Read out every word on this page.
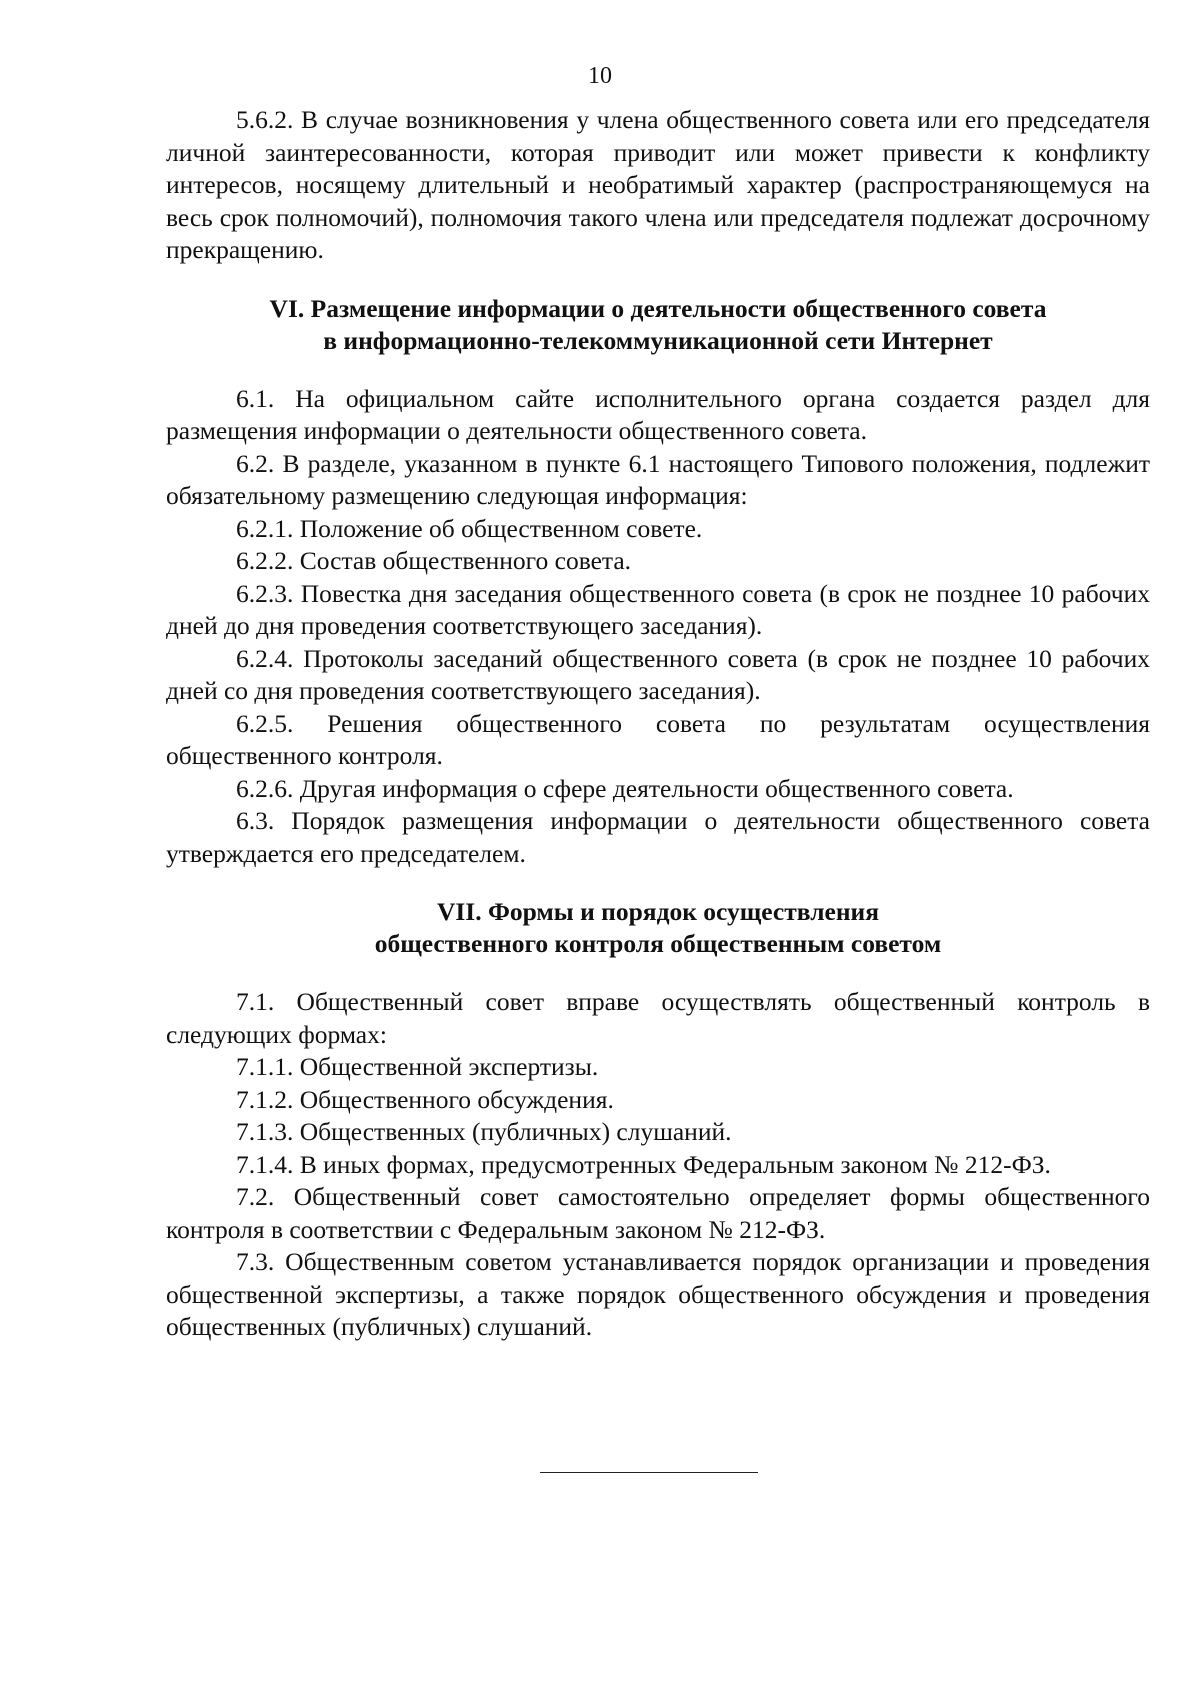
10

5.6.2. В случае возникновения у члена общественного совета или его председателя личной заинтересованности, которая приводит или может привести к конфликту интересов, носящему длительный и необратимый характер (распространяющемуся на весь срок полномочий), полномочия такого члена или председателя подлежат досрочному прекращению.

VI. Размещение информации о деятельности общественного совета
в информационно-телекоммуникационной сети Интернет

6.1. На официальном сайте исполнительного органа создается раздел для размещения информации о деятельности общественного совета.

6.2. В разделе, указанном в пункте 6.1 настоящего Типового положения, подлежит обязательному размещению следующая информация:

6.2.1. Положение об общественном совете.

6.2.2. Состав общественного совета.

6.2.3. Повестка дня заседания общественного совета (в срок не позднее 10 рабочих дней до дня проведения соответствующего заседания).

6.2.4. Протоколы заседаний общественного совета (в срок не позднее 10 рабочих дней со дня проведения соответствующего заседания).

6.2.5. Решения общественного совета по результатам осуществления общественного контроля.

6.2.6. Другая информация о сфере деятельности общественного совета.

6.3. Порядок размещения информации о деятельности общественного совета утверждается его председателем.

VII. Формы и порядок осуществления
общественного контроля общественным советом

7.1. Общественный совет вправе осуществлять общественный контроль в следующих формах:

7.1.1. Общественной экспертизы.

7.1.2. Общественного обсуждения.

7.1.3. Общественных (публичных) слушаний.

7.1.4. В иных формах, предусмотренных Федеральным законом № 212-ФЗ.

7.2. Общественный совет самостоятельно определяет формы общественного контроля в соответствии с Федеральным законом № 212-ФЗ.

7.3. Общественным советом устанавливается порядок организации и проведения общественной экспертизы, а также порядок общественного обсуждения и проведения общественных (публичных) слушаний.
